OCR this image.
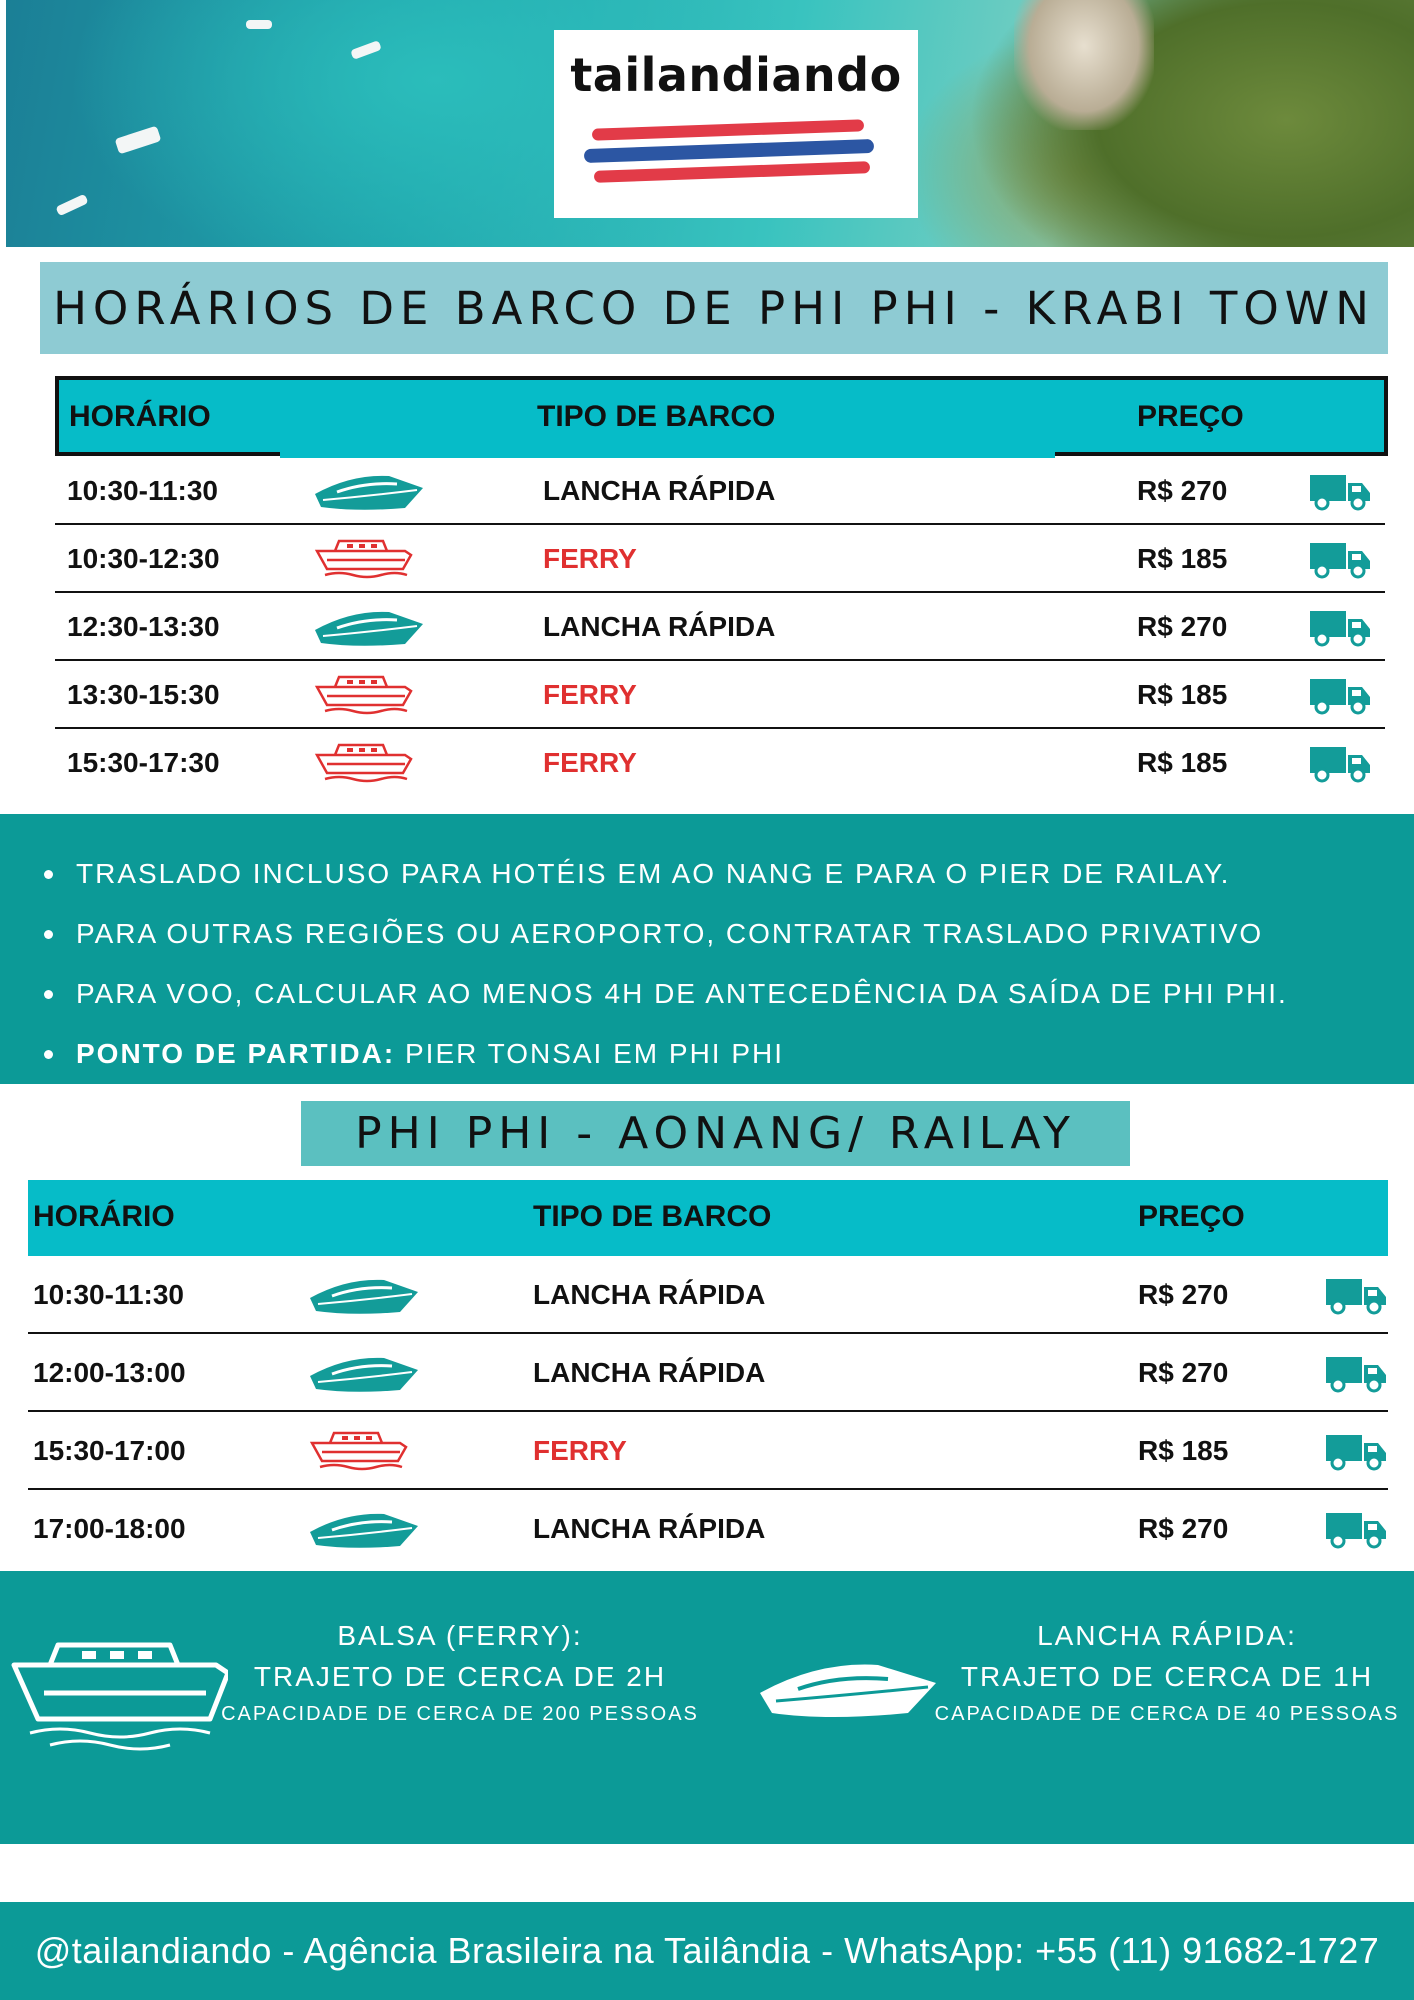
tailandiando
HORÁRIOS DE BARCO DE PHI PHI - KRABI TOWN
HORÁRIO	TIPO DE BARCO	PREÇO
10:30-11:30	LANCHA RÁPIDA	R$ 270
10:30-12:30	FERRY	R$ 185
12:30-13:30	LANCHA RÁPIDA	R$ 270
13:30-15:30	FERRY	R$ 185
15:30-17:30	FERRY	R$ 185
TRASLADO INCLUSO PARA HOTÉIS EM AO NANG E PARA O PIER DE RAILAY.
PARA OUTRAS REGIÕES OU AEROPORTO, CONTRATAR TRASLADO PRIVATIVO
PARA VOO, CALCULAR AO MENOS 4H DE ANTECEDÊNCIA DA SAÍDA DE PHI PHI.
PONTO DE PARTIDA: PIER TONSAI EM PHI PHI
PHI PHI - AONANG/ RAILAY
HORÁRIO	TIPO DE BARCO	PREÇO
10:30-11:30	LANCHA RÁPIDA	R$ 270
12:00-13:00	LANCHA RÁPIDA	R$ 270
15:30-17:00	FERRY	R$ 185
17:00-18:00	LANCHA RÁPIDA	R$ 270
BALSA (FERRY):
TRAJETO DE CERCA DE 2H
CAPACIDADE DE CERCA DE 200 PESSOAS
LANCHA RÁPIDA:
TRAJETO DE CERCA DE 1H
CAPACIDADE DE CERCA DE 40 PESSOAS
@tailandiando - Agência Brasileira na Tailândia - WhatsApp: +55 (11) 91682-1727
